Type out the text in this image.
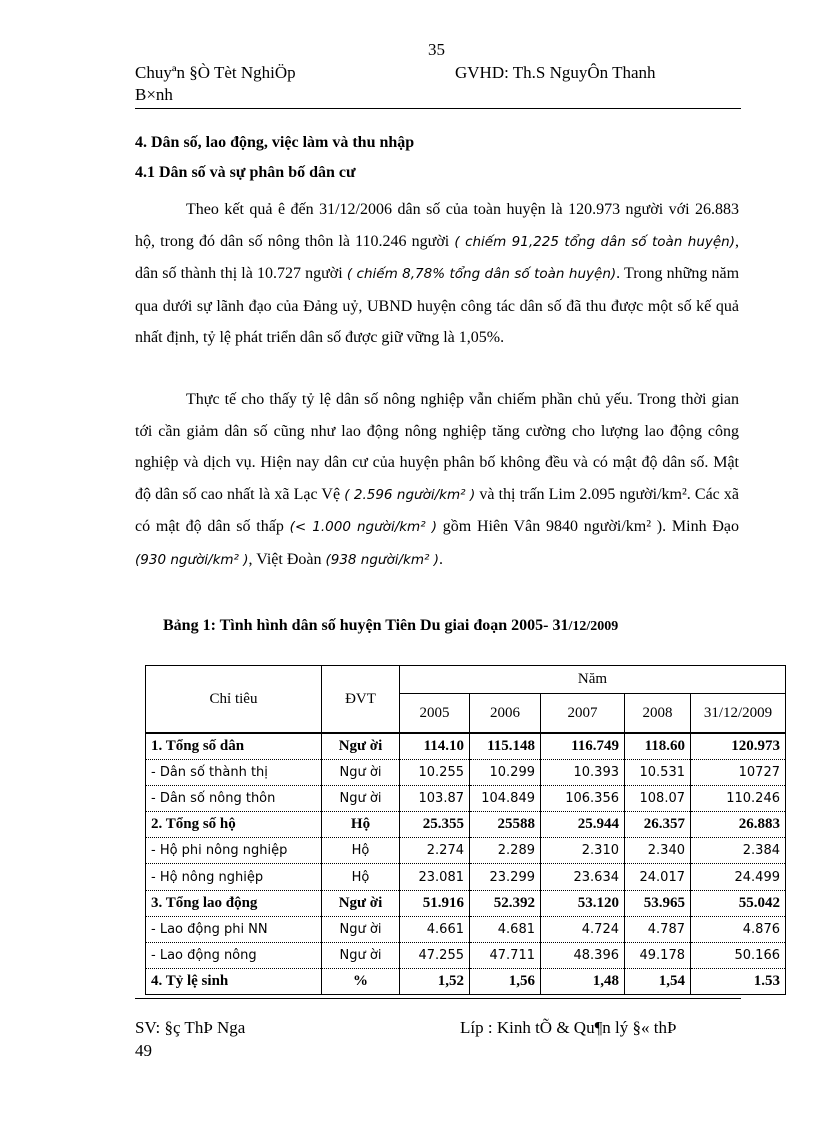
35
Chuyªn §Ò Tèt NghiÖp
B×nh
GVHD: Th.S NguyÔn Thanh
4. Dân số, lao động, việc làm và thu nhập
4.1 Dân số và sự phân bố dân cư

Theo kết quả ê đến 31/12/2006 dân số của toàn huyện là 120.973 người với 26.883 hộ, trong đó dân số nông thôn là 110.246 người ( chiếm 91,225 tổng dân số toàn huyện), dân số thành thị là 10.727 người ( chiếm 8,78% tổng dân số toàn huyện). Trong những năm qua dưới sự lãnh đạo của Đảng uỷ, UBND huyện công tác dân số đã thu được một số kế quả nhất định, tỷ lệ phát triển dân số được giữ vững là 1,05%.

Thực tế cho thấy tỷ lệ dân số nông nghiệp vẫn chiếm phần chủ yếu. Trong thời gian tới cần giảm dân số cũng như lao động nông nghiệp tăng cường cho lượng lao động công nghiệp và dịch vụ. Hiện nay dân cư của huyện phân bố không đều và có mật độ dân số. Mật độ dân số cao nhất là xã Lạc Vệ ( 2.596 người/km² ) và thị trấn Lim 2.095 người/km². Các xã có mật độ dân số thấp (< 1.000 người/km² ) gồm Hiên Vân 9840 người/km² ). Minh Đạo (930 người/km² ), Việt Đoàn (938 người/km² ).

Bảng 1: Tình hình dân số huyện Tiên Du giai đoạn 2005- 31/12/2009
Chỉ tiêu	ĐVT	Năm				
		2005	2006	2007	2008	31/12/2009
1. Tổng số dân	Ngư ời	114.10	115.148	116.749	118.60	120.973
- Dân số thành thị	Ngư ời	10.255	10.299	10.393	10.531	10727
- Dân số nông thôn	Ngư ời	103.87	104.849	106.356	108.07	110.246
2. Tổng số hộ	Hộ	25.355	25588	25.944	26.357	26.883
- Hộ phi nông nghiệp	Hộ	2.274	2.289	2.310	2.340	2.384
- Hộ nông nghiệp	Hộ	23.081	23.299	23.634	24.017	24.499
3. Tổng lao động	Ngư ời	51.916	52.392	53.120	53.965	55.042
- Lao động phi NN	Ngư ời	4.661	4.681	4.724	4.787	4.876
- Lao động nông	Ngư ời	47.255	47.711	48.396	49.178	50.166
4. Tỷ lệ sinh	%	1,52	1,56	1,48	1,54	1.53
SV: §ç ThÞ Nga
49
Líp : Kinh tÕ & Qu¶n lý §« thÞ
